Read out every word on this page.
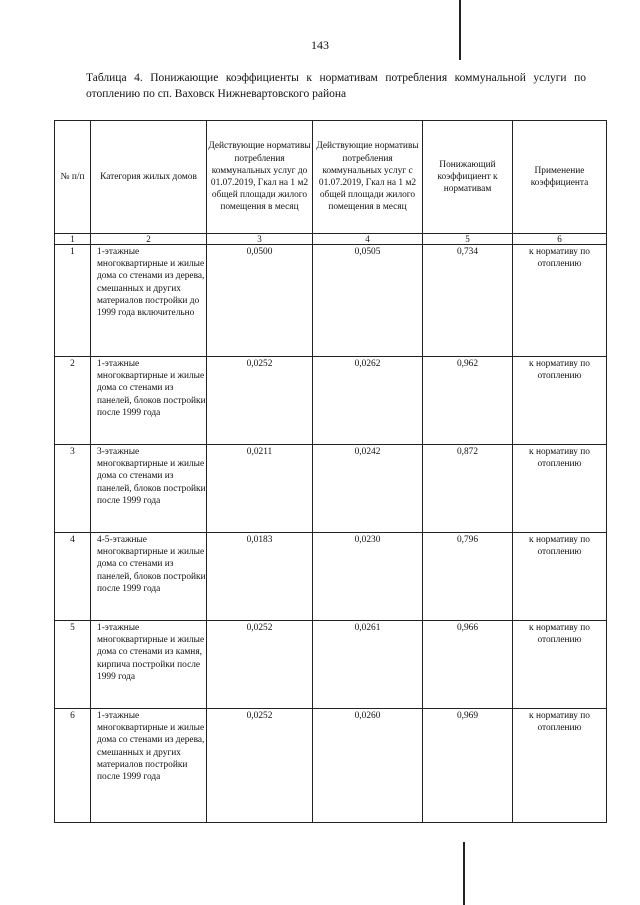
143
Таблица 4. Понижающие коэффициенты к нормативам потребления коммунальной услуги по отоплению по сп. Ваховск Нижневартовского района
№ п/п	Категория жилых домов	Действующие нормативы потребления коммунальных услуг до 01.07.2019, Гкал на 1 м2 общей площади жилого помещения в месяц	Действующие нормативы потребления коммунальных услуг с 01.07.2019, Гкал на 1 м2 общей площади жилого помещения в месяц	Понижающий коэффициент к нормативам	Применение коэффициента
1	2	3	4	5	6
1	1-этажные многоквартирные и жилые дома со стенами из дерева, смешанных и других материалов постройки до 1999 года включительно	0,0500	0,0505	0,734	к нормативу по отоплению
2	1-этажные многоквартирные и жилые дома со стенами из панелей, блоков постройки после 1999 года	0,0252	0,0262	0,962	к нормативу по отоплению
3	3-этажные многоквартирные и жилые дома со стенами из панелей, блоков постройки после 1999 года	0,0211	0,0242	0,872	к нормативу по отоплению
4	4-5-этажные многоквартирные и жилые дома со стенами из панелей, блоков постройки после 1999 года	0,0183	0,0230	0,796	к нормативу по отоплению
5	1-этажные многоквартирные и жилые дома со стенами из камня, кирпича постройки после 1999 года	0,0252	0,0261	0,966	к нормативу по отоплению
6	1-этажные многоквартирные и жилые дома со стенами из дерева, смешанных и других материалов постройки после 1999 года	0,0252	0,0260	0,969	к нормативу по отоплению
